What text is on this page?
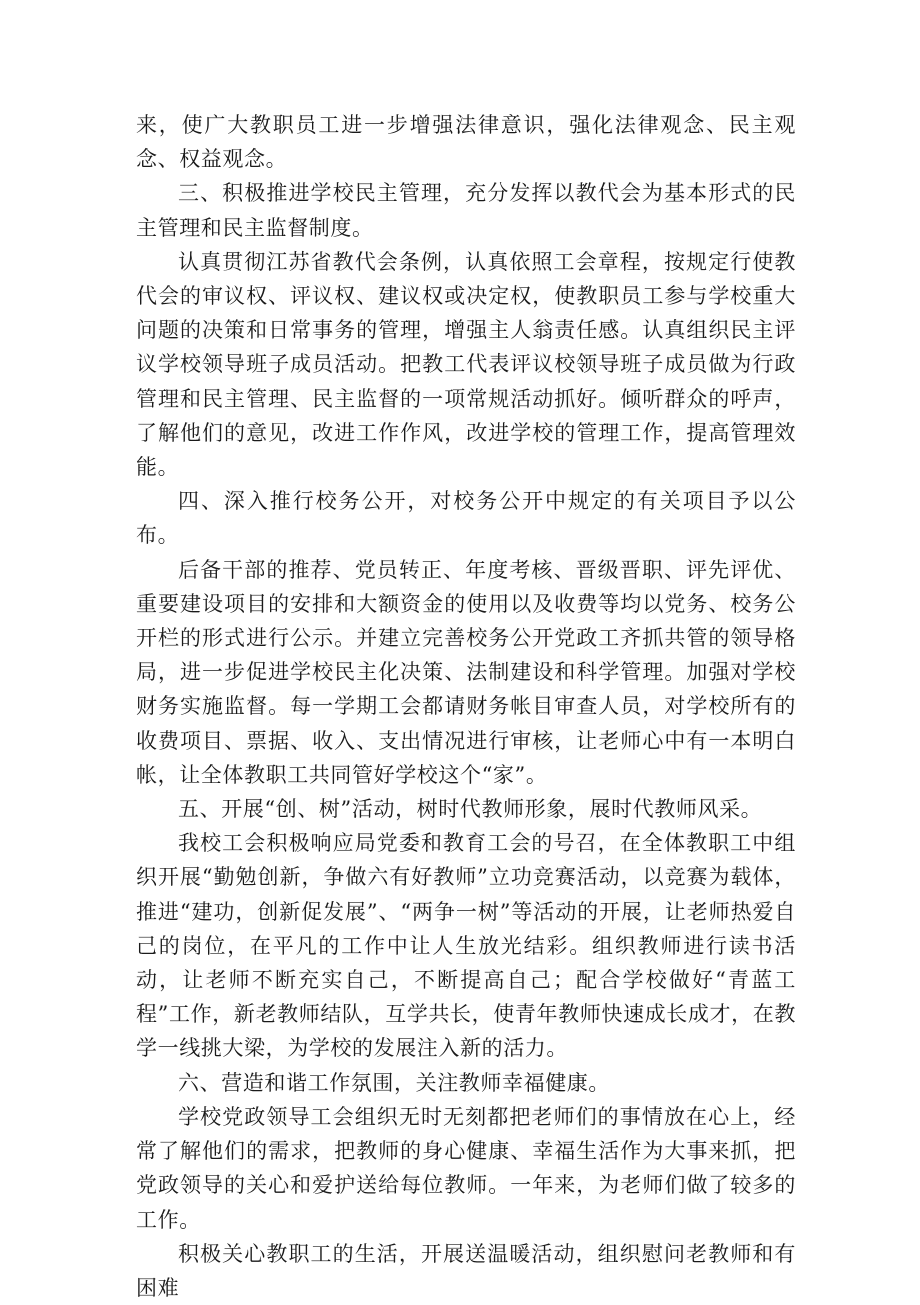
来，使广大教职员工进一步增强法律意识，强化法律观念、民主观念、权益观念。

三、积极推进学校民主管理，充分发挥以教代会为基本形式的民主管理和民主监督制度。

认真贯彻江苏省教代会条例，认真依照工会章程，按规定行使教代会的审议权、评议权、建议权或决定权，使教职员工参与学校重大问题的决策和日常事务的管理，增强主人翁责任感。认真组织民主评议学校领导班子成员活动。把教工代表评议校领导班子成员做为行政管理和民主管理、民主监督的一项常规活动抓好。倾听群众的呼声，了解他们的意见，改进工作作风，改进学校的管理工作，提高管理效能。

四、深入推行校务公开，对校务公开中规定的有关项目予以公布。

后备干部的推荐、党员转正、年度考核、晋级晋职、评先评优、重要建设项目的安排和大额资金的使用以及收费等均以党务、校务公开栏的形式进行公示。并建立完善校务公开党政工齐抓共管的领导格局，进一步促进学校民主化决策、法制建设和科学管理。加强对学校财务实施监督。每一学期工会都请财务帐目审查人员，对学校所有的收费项目、票据、收入、支出情况进行审核，让老师心中有一本明白帐，让全体教职工共同管好学校这个“家”。

五、开展“创、树”活动，树时代教师形象，展时代教师风采。

我校工会积极响应局党委和教育工会的号召，在全体教职工中组织开展“勤勉创新，争做六有好教师”立功竞赛活动，以竞赛为载体，推进“建功，创新促发展”、“两争一树”等活动的开展，让老师热爱自己的岗位，在平凡的工作中让人生放光结彩。组织教师进行读书活动，让老师不断充实自己，不断提高自己；配合学校做好“青蓝工程”工作，新老教师结队，互学共长，使青年教师快速成长成才，在教学一线挑大梁，为学校的发展注入新的活力。

六、营造和谐工作氛围，关注教师幸福健康。

学校党政领导工会组织无时无刻都把老师们的事情放在心上，经常了解他们的需求，把教师的身心健康、幸福生活作为大事来抓，把党政领导的关心和爱护送给每位教师。一年来，为老师们做了较多的工作。

积极关心教职工的生活，开展送温暖活动，组织慰问老教师和有困难
